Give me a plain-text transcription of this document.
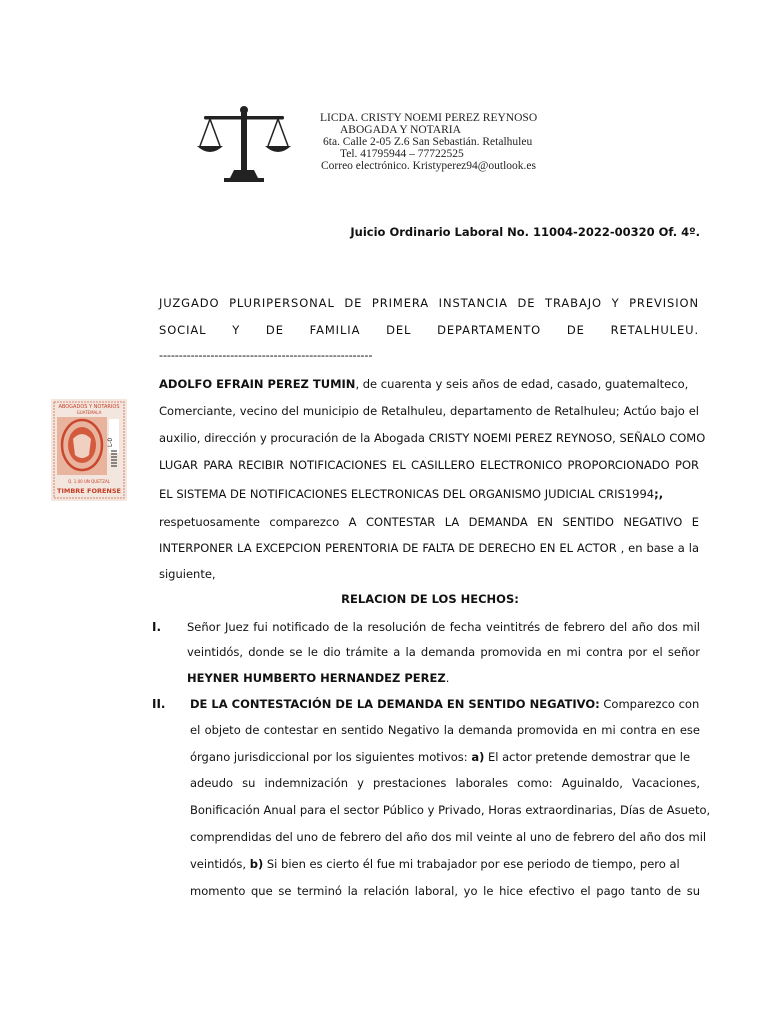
LICDA. CRISTY NOEMI PEREZ REYNOSO
ABOGADA Y NOTARIA
6ta. Calle 2-05 Z.6 San Sebastián. Retalhuleu
Tel. 41795944 – 77722525
Correo electrónico. Kristyperez94@outlook.es
Juicio Ordinario Laboral No. 11004-2022-00320 Of. 4º.
JUZGADO PLURIPERSONAL DE PRIMERA INSTANCIA DE TRABAJO Y PREVISION
SOCIAL Y DE FAMILIA DEL DEPARTAMENTO DE RETALHULEU.
------------------------------------------------------
ABOGADOS Y NOTARIOS
GUATEMALA
L-0
Q. 1.00 UN QUETZAL
TIMBRE FORENSE
ADOLFO EFRAIN PEREZ TUMIN, de cuarenta y seis años de edad, casado, guatemalteco,
Comerciante, vecino del municipio de Retalhuleu, departamento de Retalhuleu; Actúo bajo el
auxilio, dirección y procuración de la Abogada CRISTY NOEMI PEREZ REYNOSO, SEÑALO COMO
LUGAR PARA RECIBIR NOTIFICACIONES EL CASILLERO ELECTRONICO PROPORCIONADO POR
EL SISTEMA DE NOTIFICACIONES ELECTRONICAS DEL ORGANISMO JUDICIAL CRIS1994;,
respetuosamente comparezco A CONTESTAR LA DEMANDA EN SENTIDO NEGATIVO E
INTERPONER LA EXCEPCION PERENTORIA DE FALTA DE DERECHO EN EL ACTOR , en base a la
siguiente,
RELACION DE LOS HECHOS:
I. Señor Juez fui notificado de la resolución de fecha veintitrés de febrero del año dos mil
veintidós, donde se le dio trámite a la demanda promovida en mi contra por el señor
HEYNER HUMBERTO HERNANDEZ PEREZ.
II. DE LA CONTESTACIÓN DE LA DEMANDA EN SENTIDO NEGATIVO: Comparezco con
el objeto de contestar en sentido Negativo la demanda promovida en mi contra en ese
órgano jurisdiccional por los siguientes motivos: a) El actor pretende demostrar que le
adeudo su indemnización y prestaciones laborales como: Aguinaldo, Vacaciones,
Bonificación Anual para el sector Público y Privado, Horas extraordinarias, Días de Asueto,
comprendidas del uno de febrero del año dos mil veinte al uno de febrero del año dos mil
veintidós, b) Si bien es cierto él fue mi trabajador por ese periodo de tiempo, pero al
momento que se terminó la relación laboral, yo le hice efectivo el pago tanto de su
